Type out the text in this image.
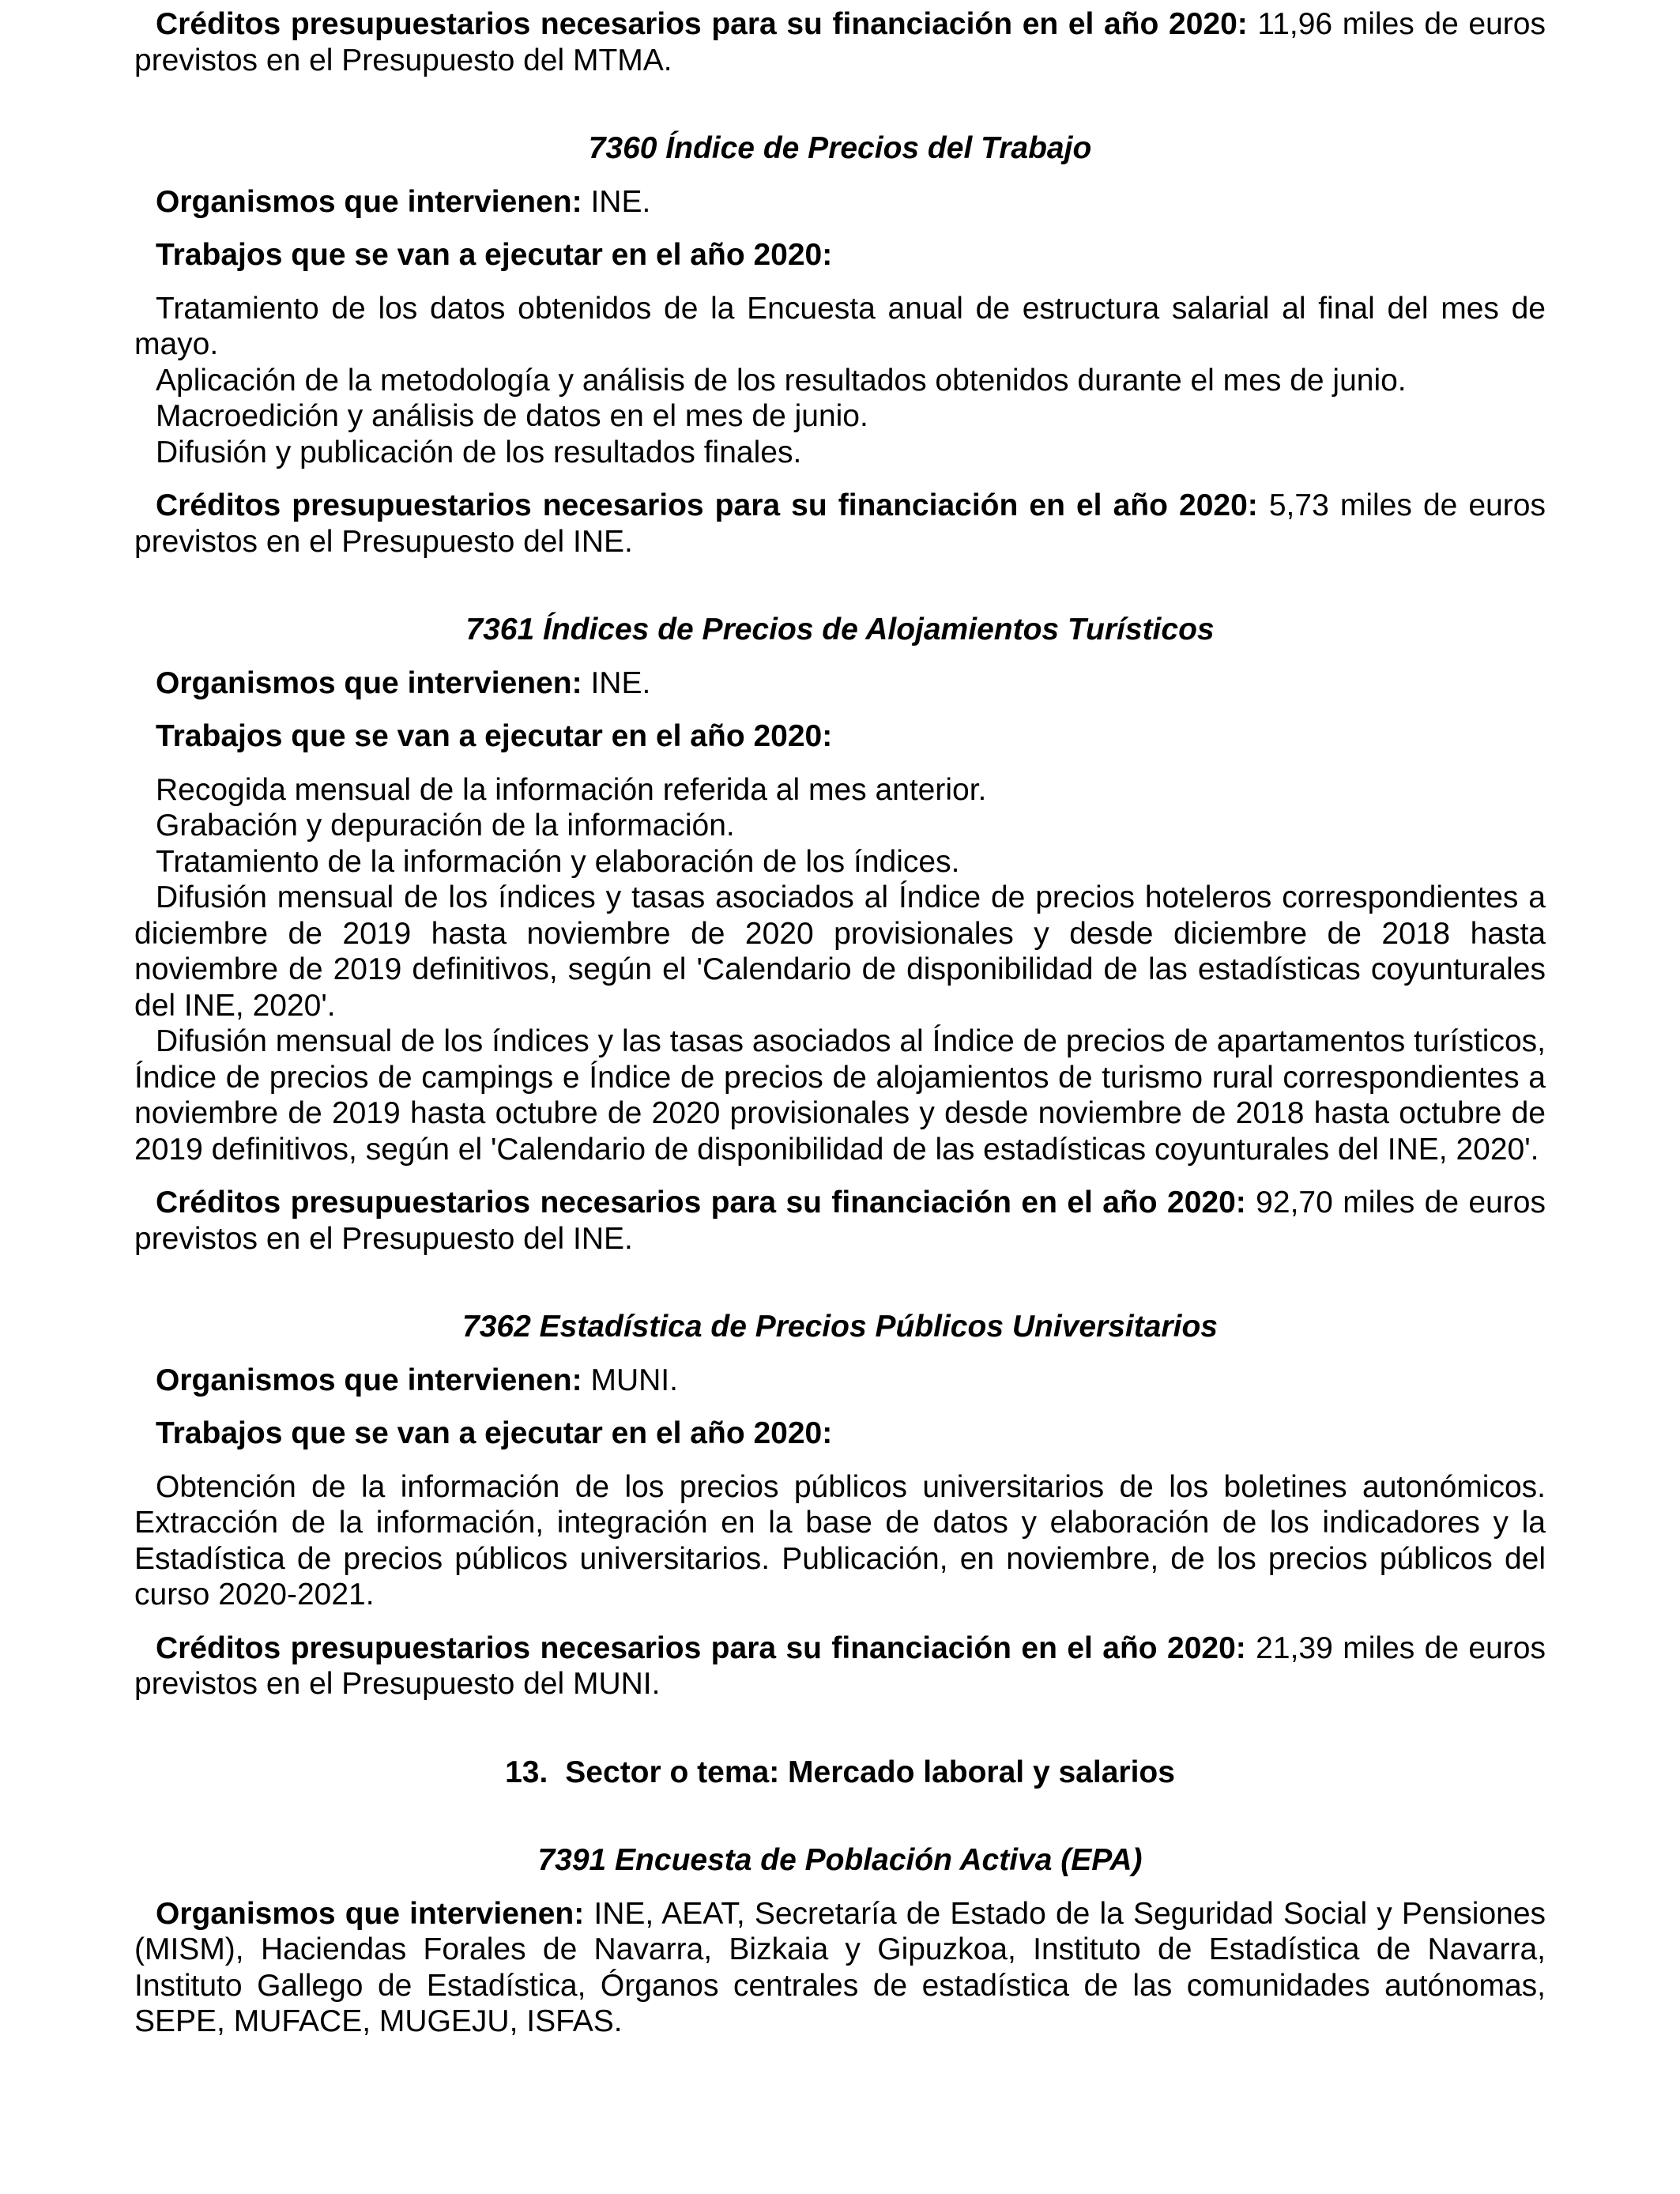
Créditos presupuestarios necesarios para su financiación en el año 2020: 11,96 miles de euros previstos en el Presupuesto del MTMA.

7360 Índice de Precios del Trabajo

Organismos que intervienen: INE.

Trabajos que se van a ejecutar en el año 2020:

Tratamiento de los datos obtenidos de la Encuesta anual de estructura salarial al final del mes de mayo.

Aplicación de la metodología y análisis de los resultados obtenidos durante el mes de junio.

Macroedición y análisis de datos en el mes de junio.

Difusión y publicación de los resultados finales.

Créditos presupuestarios necesarios para su financiación en el año 2020: 5,73 miles de euros previstos en el Presupuesto del INE.

7361 Índices de Precios de Alojamientos Turísticos

Organismos que intervienen: INE.

Trabajos que se van a ejecutar en el año 2020:

Recogida mensual de la información referida al mes anterior.

Grabación y depuración de la información.

Tratamiento de la información y elaboración de los índices.

Difusión mensual de los índices y tasas asociados al Índice de precios hoteleros correspondientes a diciembre de 2019 hasta noviembre de 2020 provisionales y desde diciembre de 2018 hasta noviembre de 2019 definitivos, según el 'Calendario de disponibilidad de las estadísticas coyunturales del INE, 2020'.

Difusión mensual de los índices y las tasas asociados al Índice de precios de apartamentos turísticos, Índice de precios de campings e Índice de precios de alojamientos de turismo rural correspondientes a noviembre de 2019 hasta octubre de 2020 provisionales y desde noviembre de 2018 hasta octubre de 2019 definitivos, según el 'Calendario de disponibilidad de las estadísticas coyunturales del INE, 2020'.

Créditos presupuestarios necesarios para su financiación en el año 2020: 92,70 miles de euros previstos en el Presupuesto del INE.

7362 Estadística de Precios Públicos Universitarios

Organismos que intervienen: MUNI.

Trabajos que se van a ejecutar en el año 2020:

Obtención de la información de los precios públicos universitarios de los boletines autonómicos. Extracción de la información, integración en la base de datos y elaboración de los indicadores y la Estadística de precios públicos universitarios. Publicación, en noviembre, de los precios públicos del curso 2020-2021.

Créditos presupuestarios necesarios para su financiación en el año 2020: 21,39 miles de euros previstos en el Presupuesto del MUNI.

13. Sector o tema: Mercado laboral y salarios

7391 Encuesta de Población Activa (EPA)

Organismos que intervienen: INE, AEAT, Secretaría de Estado de la Seguridad Social y Pensiones (MISM), Haciendas Forales de Navarra, Bizkaia y Gipuzkoa, Instituto de Estadística de Navarra, Instituto Gallego de Estadística, Órganos centrales de estadística de las comunidades autónomas, SEPE, MUFACE, MUGEJU, ISFAS.
